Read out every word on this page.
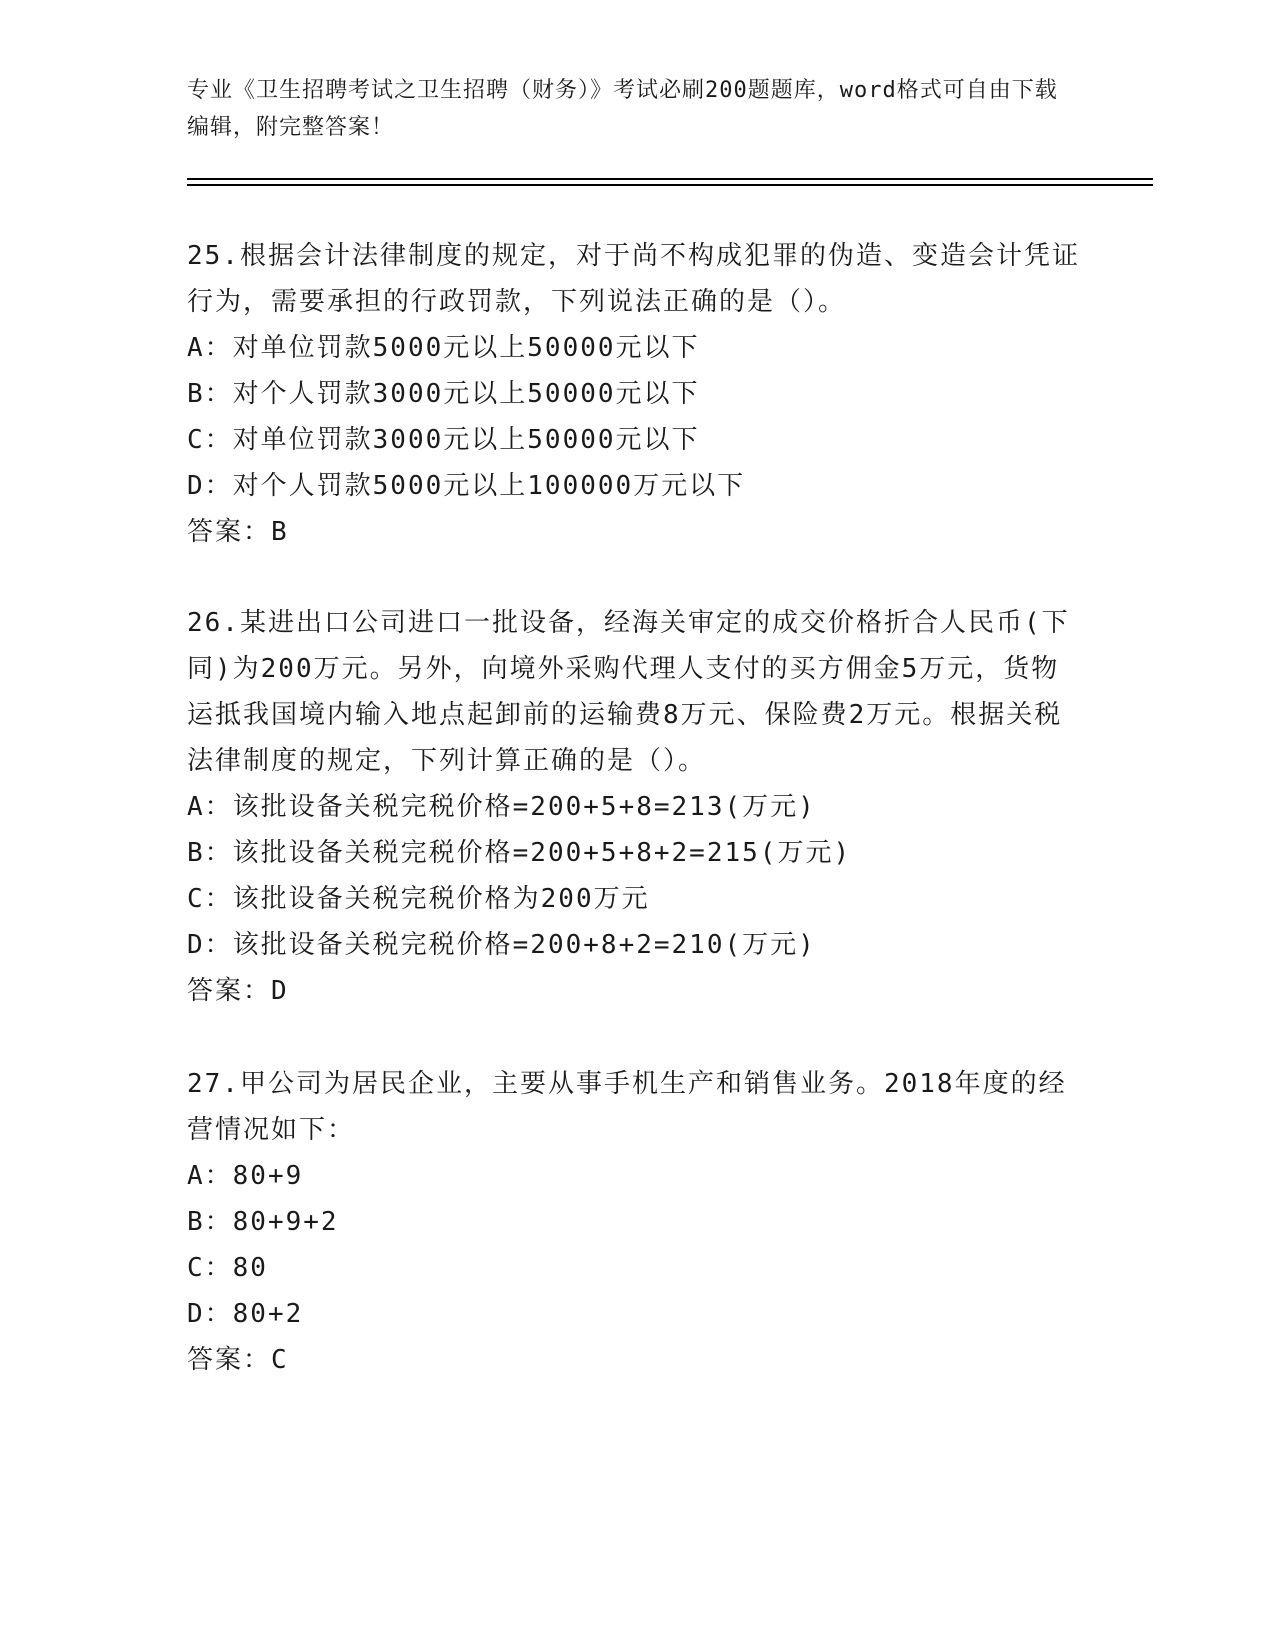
专业《卫生招聘考试之卫生招聘（财务）》考试必刷200题题库，word格式可自由下载编辑，附完整答案！
25.根据会计法律制度的规定，对于尚不构成犯罪的伪造、变造会计凭证行为，需要承担的行政罚款，下列说法正确的是（）。
A：对单位罚款5000元以上50000元以下
B：对个人罚款3000元以上50000元以下
C：对单位罚款3000元以上50000元以下
D：对个人罚款5000元以上100000万元以下
答案：B
26.某进出口公司进口一批设备，经海关审定的成交价格折合人民币(下同)为200万元。另外，向境外采购代理人支付的买方佣金5万元，货物运抵我国境内输入地点起卸前的运输费8万元、保险费2万元。根据关税法律制度的规定，下列计算正确的是（）。
A：该批设备关税完税价格=200+5+8=213(万元)
B：该批设备关税完税价格=200+5+8+2=215(万元)
C：该批设备关税完税价格为200万元
D：该批设备关税完税价格=200+8+2=210(万元)
答案：D
27.甲公司为居民企业，主要从事手机生产和销售业务。2018年度的经营情况如下：
A：80+9
B：80+9+2
C：80
D：80+2
答案：C
